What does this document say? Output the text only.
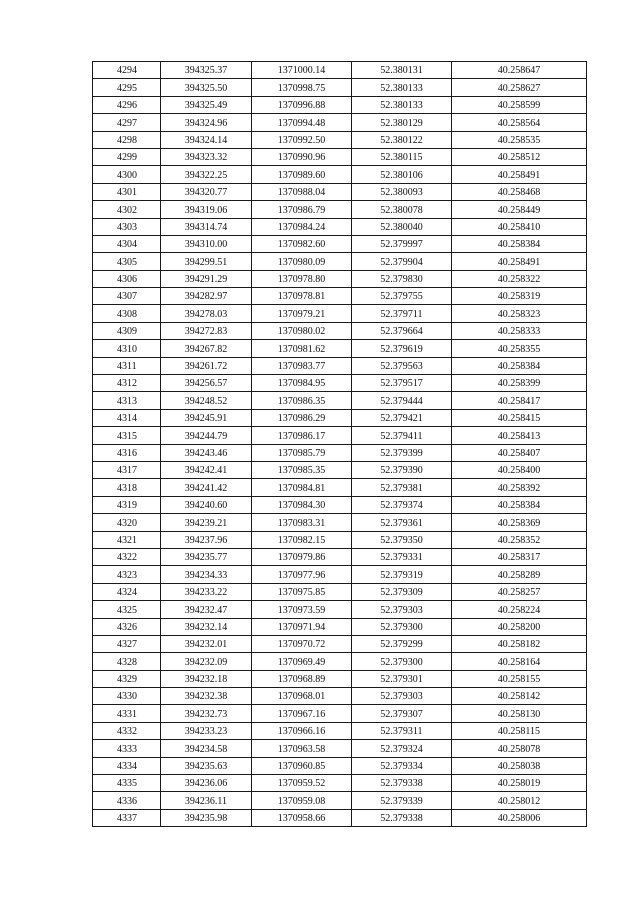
4294	394325.37	1371000.14	52.380131	40.258647
4295	394325.50	1370998.75	52.380133	40.258627
4296	394325.49	1370996.88	52.380133	40.258599
4297	394324.96	1370994.48	52.380129	40.258564
4298	394324.14	1370992.50	52.380122	40.258535
4299	394323.32	1370990.96	52.380115	40.258512
4300	394322.25	1370989.60	52.380106	40.258491
4301	394320.77	1370988.04	52.380093	40.258468
4302	394319.06	1370986.79	52.380078	40.258449
4303	394314.74	1370984.24	52.380040	40.258410
4304	394310.00	1370982.60	52.379997	40.258384
4305	394299.51	1370980.09	52.379904	40.258491
4306	394291.29	1370978.80	52.379830	40.258322
4307	394282.97	1370978.81	52.379755	40.258319
4308	394278.03	1370979.21	52.379711	40.258323
4309	394272.83	1370980.02	52.379664	40.258333
4310	394267.82	1370981.62	52.379619	40.258355
4311	394261.72	1370983.77	52.379563	40.258384
4312	394256.57	1370984.95	52.379517	40.258399
4313	394248.52	1370986.35	52.379444	40.258417
4314	394245.91	1370986.29	52.379421	40.258415
4315	394244.79	1370986.17	52.379411	40.258413
4316	394243.46	1370985.79	52.379399	40.258407
4317	394242.41	1370985.35	52.379390	40.258400
4318	394241.42	1370984.81	52.379381	40.258392
4319	394240.60	1370984.30	52.379374	40.258384
4320	394239.21	1370983.31	52.379361	40.258369
4321	394237.96	1370982.15	52.379350	40.258352
4322	394235.77	1370979.86	52.379331	40.258317
4323	394234.33	1370977.96	52.379319	40.258289
4324	394233.22	1370975.85	52.379309	40.258257
4325	394232.47	1370973.59	52.379303	40.258224
4326	394232.14	1370971.94	52.379300	40.258200
4327	394232.01	1370970.72	52.379299	40.258182
4328	394232.09	1370969.49	52.379300	40.258164
4329	394232.18	1370968.89	52.379301	40.258155
4330	394232.38	1370968.01	52.379303	40.258142
4331	394232.73	1370967.16	52.379307	40.258130
4332	394233.23	1370966.16	52.379311	40.258115
4333	394234.58	1370963.58	52.379324	40.258078
4334	394235.63	1370960.85	52.379334	40.258038
4335	394236.06	1370959.52	52.379338	40.258019
4336	394236.11	1370959.08	52.379339	40.258012
4337	394235.98	1370958.66	52.379338	40.258006
